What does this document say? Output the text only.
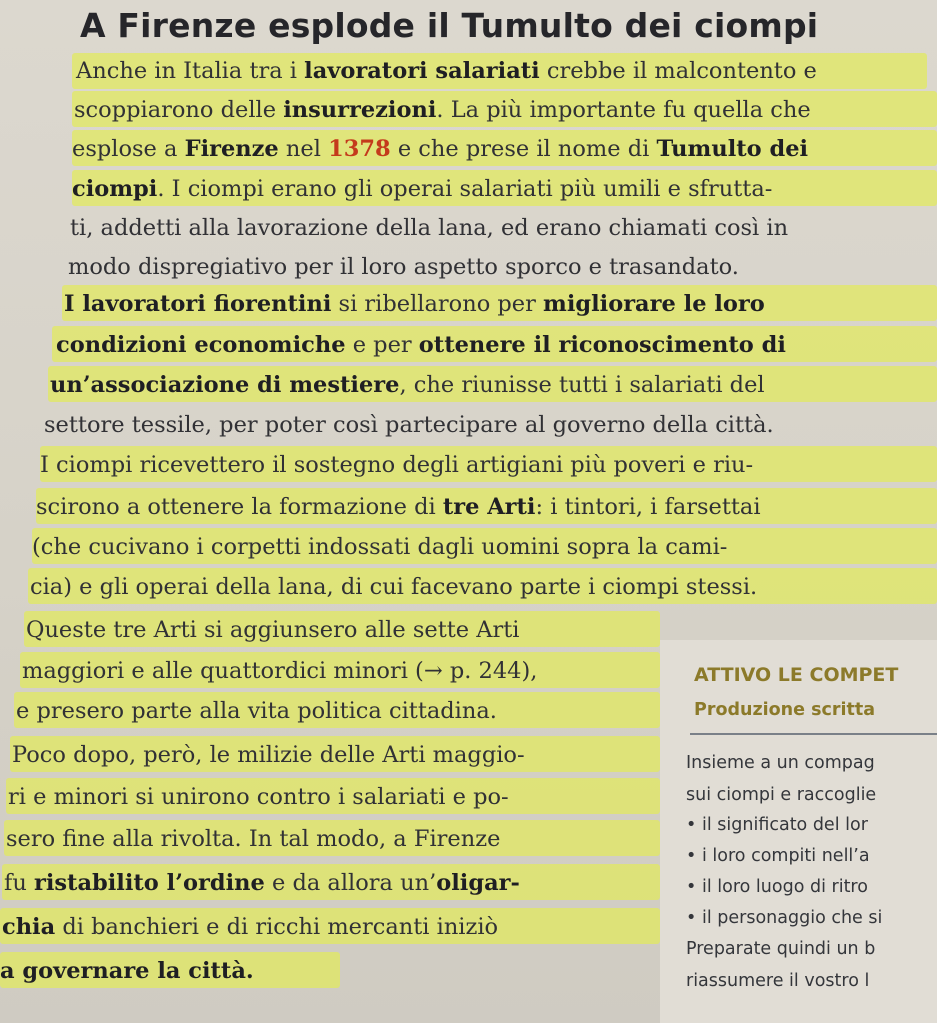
A Firenze esplode il Tumulto dei ciompi
Anche in Italia tra i lavoratori salariati crebbe il malcontento e
scoppiarono delle insurrezioni. La più importante fu quella che
esplose a Firenze nel 1378 e che prese il nome di Tumulto dei
ciompi. I ciompi erano gli operai salariati più umili e sfrutta-
ti, addetti alla lavorazione della lana, ed erano chiamati così in
modo dispregiativo per il loro aspetto sporco e trasandato.
I lavoratori fiorentini si ribellarono per migliorare le loro
condizioni economiche e per ottenere il riconoscimento di
un’associazione di mestiere, che riunisse tutti i salariati del
settore tessile, per poter così partecipare al governo della città.
I ciompi ricevettero il sostegno degli artigiani più poveri e riu-
scirono a ottenere la formazione di tre Arti: i tintori, i farsettai
(che cucivano i corpetti indossati dagli uomini sopra la cami-
cia) e gli operai della lana, di cui facevano parte i ciompi stessi.
Queste tre Arti si aggiunsero alle sette Arti
maggiori e alle quattordici minori (→ p. 244),
e presero parte alla vita politica cittadina.
Poco dopo, però, le milizie delle Arti maggio-
ri e minori si unirono contro i salariati e po-
sero fine alla rivolta. In tal modo, a Firenze
fu ristabilito l’ordine e da allora un’oligar-
chia di banchieri e di ricchi mercanti iniziò
a governare la città.
ATTIVO LE COMPET
Produzione scritta
Insieme a un compag
sui ciompi e raccoglie
• il significato del lor
• i loro compiti nell’a
• il loro luogo di ritro
• il personaggio che si
Preparate quindi un b
riassumere il vostro l
